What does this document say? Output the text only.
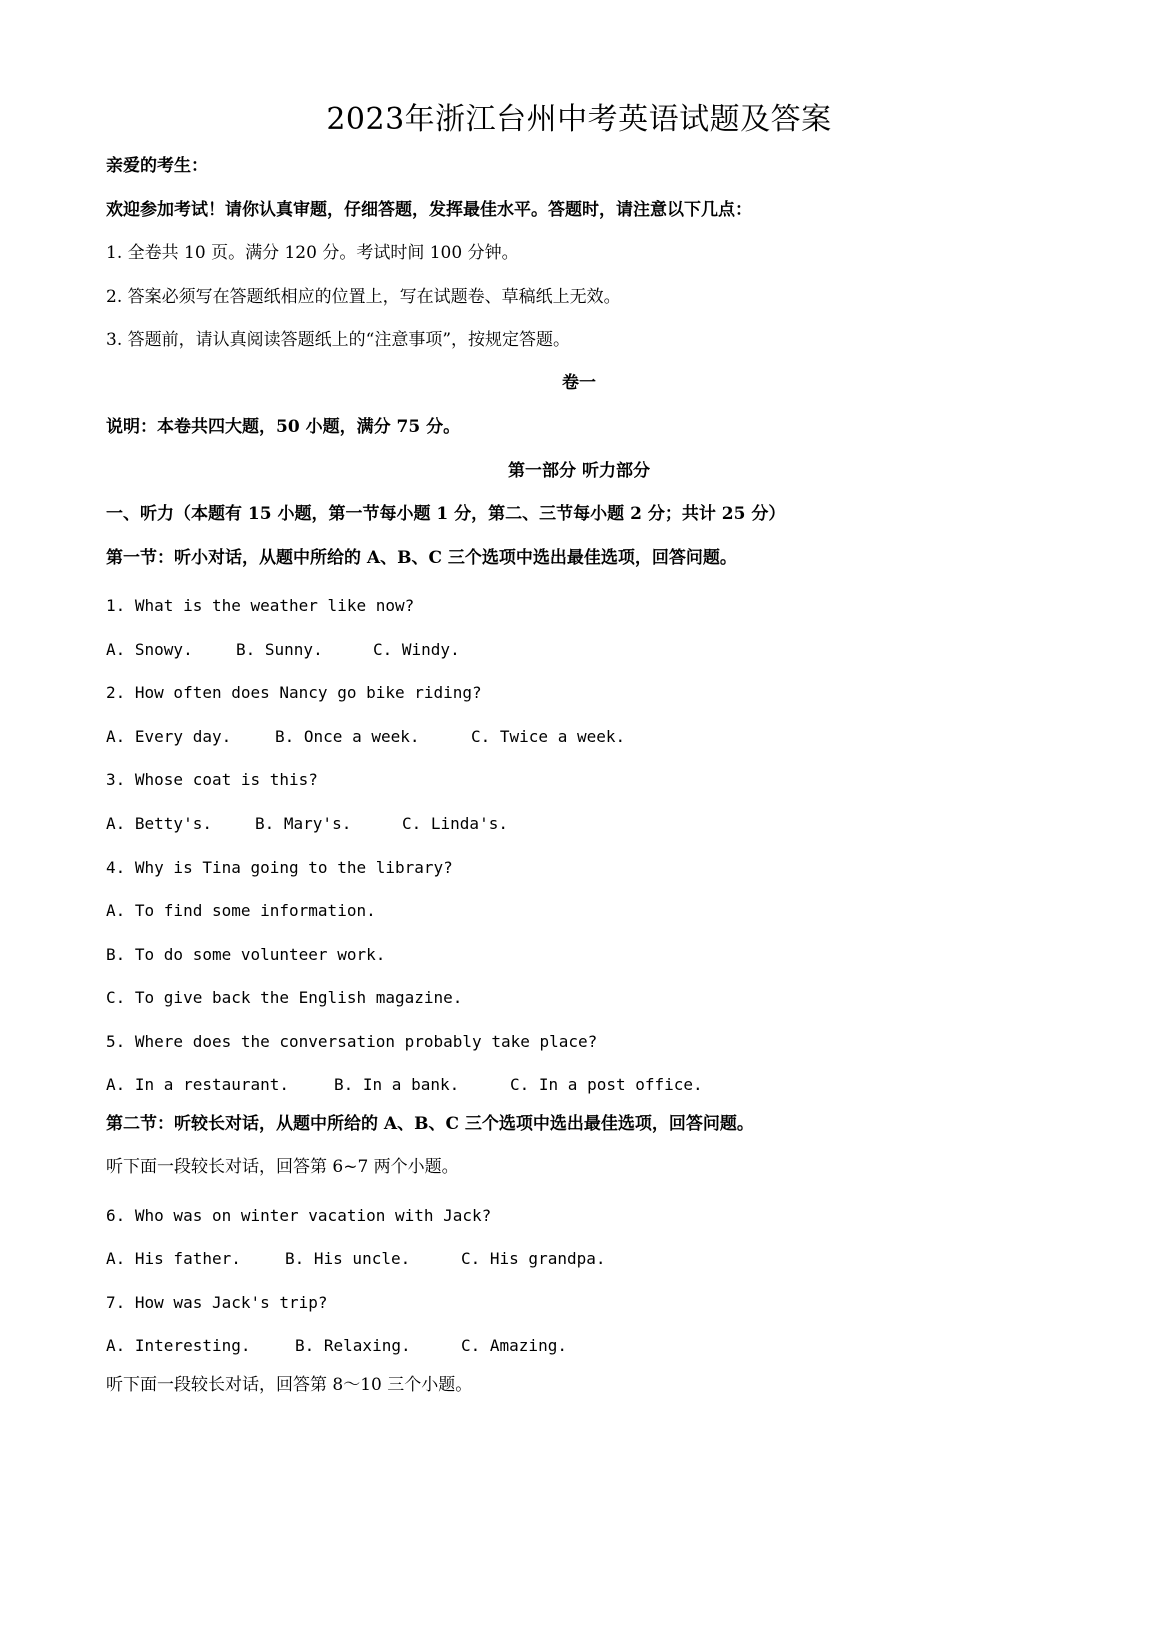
2023年浙江台州中考英语试题及答案
亲爱的考生：
欢迎参加考试！请你认真审题，仔细答题，发挥最佳水平。答题时，请注意以下几点：
1. 全卷共 10 页。满分 120 分。考试时间 100 分钟。
2. 答案必须写在答题纸相应的位置上，写在试题卷、草稿纸上无效。
3. 答题前，请认真阅读答题纸上的“注意事项”，按规定答题。
卷一
说明：本卷共四大题，50 小题，满分 75 分。
第一部分 听力部分
一、听力（本题有 15 小题，第一节每小题 1 分，第二、三节每小题 2 分；共计 25 分）
第一节：听小对话，从题中所给的 A、B、C 三个选项中选出最佳选项，回答问题。
1. What is the weather like now?
A. Snowy.	B. Sunny.	C. Windy.
2. How often does Nancy go bike riding?
A. Every day.	B. Once a week.	C. Twice a week.
3. Whose coat is this?
A. Betty's.	B. Mary's.	C. Linda's.
4. Why is Tina going to the library?
A. To find some information.
B. To do some volunteer work.
C. To give back the English magazine.
5. Where does the conversation probably take place?
A. In a restaurant.	B. In a bank.	C. In a post office.
第二节：听较长对话，从题中所给的 A、B、C 三个选项中选出最佳选项，回答问题。
听下面一段较长对话，回答第 6~7 两个小题。
6. Who was on winter vacation with Jack?
A. His father.	B. His uncle.	C. His grandpa.
7. How was Jack's trip?
A. Interesting.	B. Relaxing.	C. Amazing.
听下面一段较长对话，回答第 8～10 三个小题。
